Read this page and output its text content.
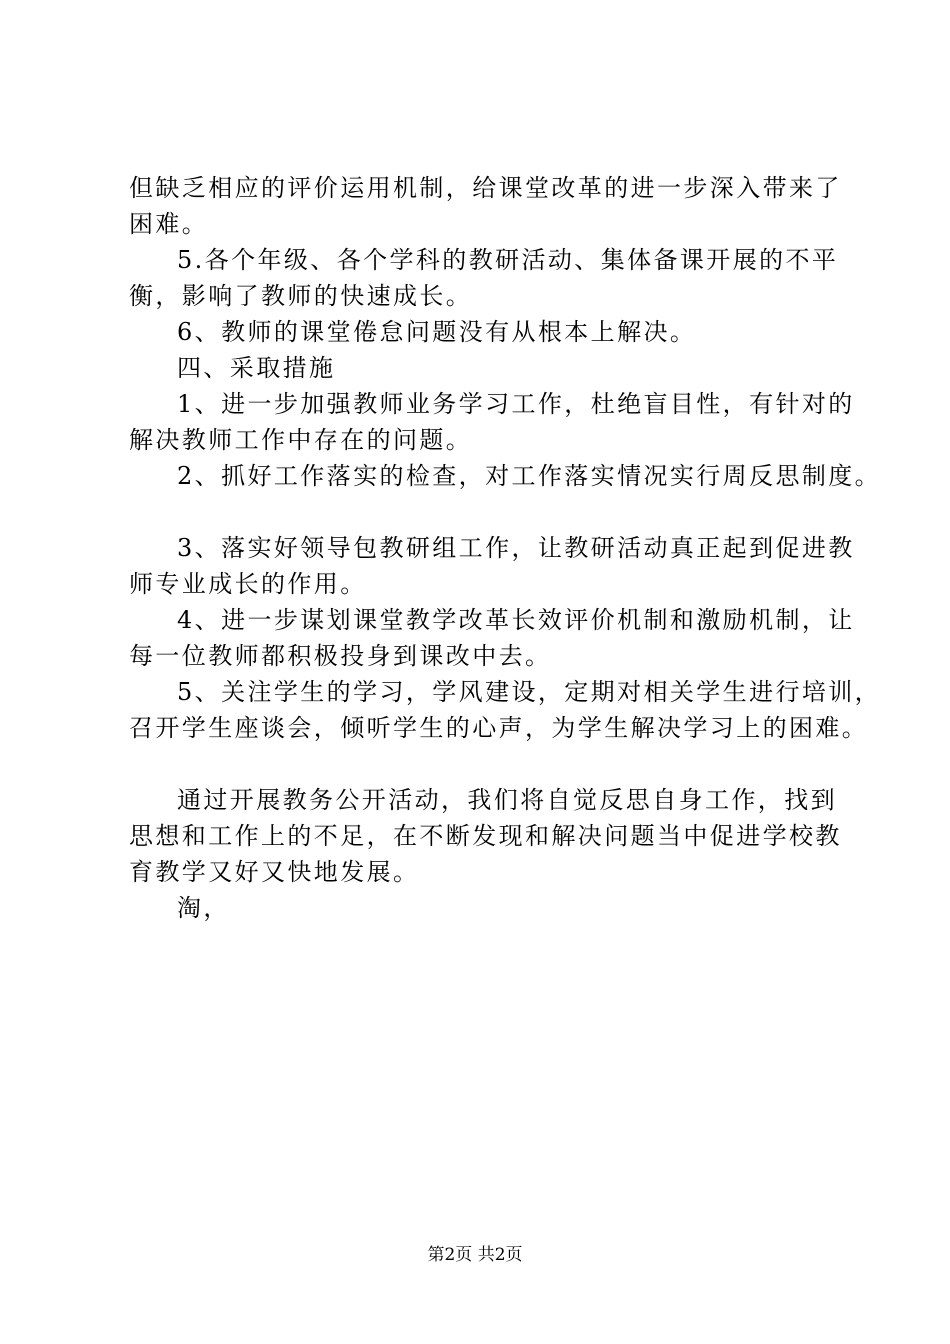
但缺乏相应的评价运用机制，给课堂改革的进一步深入带来了
困难。
5.各个年级、各个学科的教研活动、集体备课开展的不平
衡，影响了教师的快速成长。
6、教师的课堂倦怠问题没有从根本上解决。
四、采取措施
1、进一步加强教师业务学习工作，杜绝盲目性，有针对的
解决教师工作中存在的问题。
2、抓好工作落实的检查，对工作落实情况实行周反思制度。
3、落实好领导包教研组工作，让教研活动真正起到促进教
师专业成长的作用。
4、进一步谋划课堂教学改革长效评价机制和激励机制，让
每一位教师都积极投身到课改中去。
5、关注学生的学习，学风建设，定期对相关学生进行培训，
召开学生座谈会，倾听学生的心声，为学生解决学习上的困难。
通过开展教务公开活动，我们将自觉反思自身工作，找到
思想和工作上的不足，在不断发现和解决问题当中促进学校教
育教学又好又快地发展。
淘，
第2页 共2页
